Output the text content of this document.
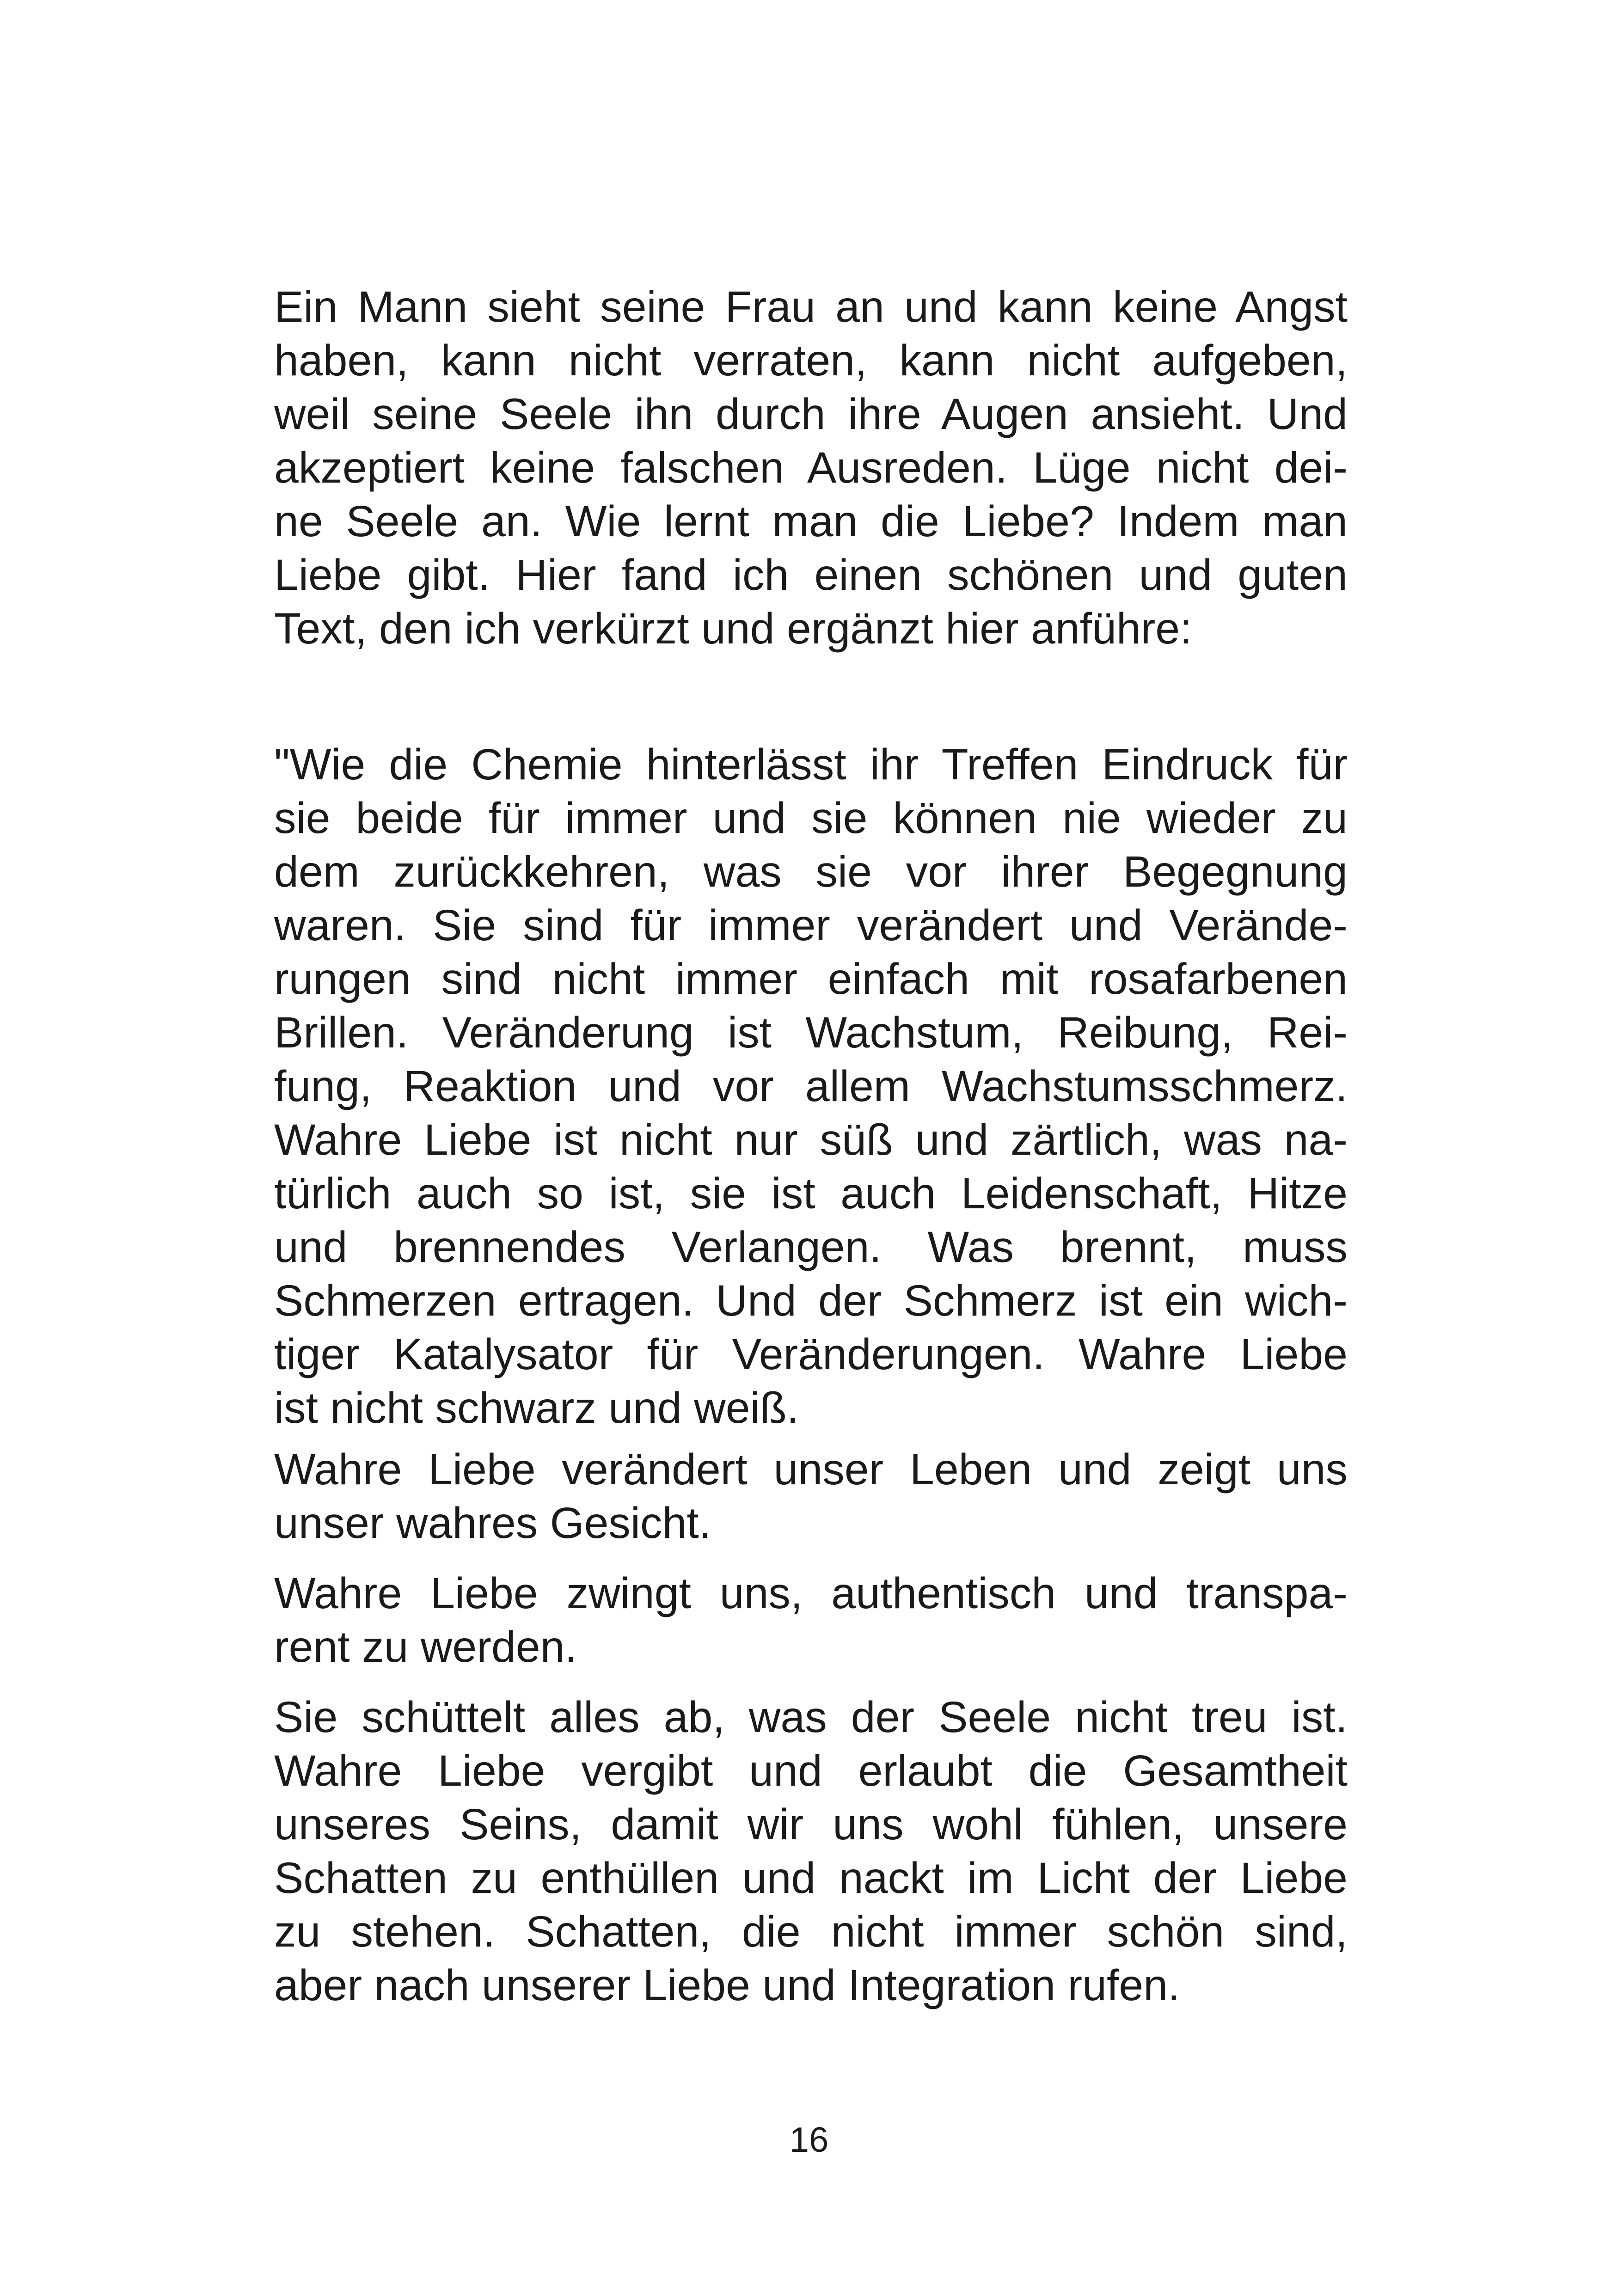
Ein Mann sieht seine Frau an und kann keine Angst
haben, kann nicht verraten, kann nicht aufgeben,
weil seine Seele ihn durch ihre Augen ansieht. Und
akzeptiert keine falschen Ausreden. Lüge nicht dei-
ne Seele an. Wie lernt man die Liebe? Indem man
Liebe gibt. Hier fand ich einen schönen und guten
Text, den ich verkürzt und ergänzt hier anführe:
"Wie die Chemie hinterlässt ihr Treffen Eindruck für
sie beide für immer und sie können nie wieder zu
dem zurückkehren, was sie vor ihrer Begegnung
waren. Sie sind für immer verändert und Verände-
rungen sind nicht immer einfach mit rosafarbenen
Brillen. Veränderung ist Wachstum, Reibung, Rei-
fung, Reaktion und vor allem Wachstumsschmerz.
Wahre Liebe ist nicht nur süß und zärtlich, was na-
türlich auch so ist, sie ist auch Leidenschaft, Hitze
und brennendes Verlangen. Was brennt, muss
Schmerzen ertragen. Und der Schmerz ist ein wich-
tiger Katalysator für Veränderungen. Wahre Liebe
ist nicht schwarz und weiß.
Wahre Liebe verändert unser Leben und zeigt uns
unser wahres Gesicht.
Wahre Liebe zwingt uns, authentisch und transpa-
rent zu werden.
Sie schüttelt alles ab, was der Seele nicht treu ist.
Wahre Liebe vergibt und erlaubt die Gesamtheit
unseres Seins, damit wir uns wohl fühlen, unsere
Schatten zu enthüllen und nackt im Licht der Liebe
zu stehen. Schatten, die nicht immer schön sind,
aber nach unserer Liebe und Integration rufen.
16
